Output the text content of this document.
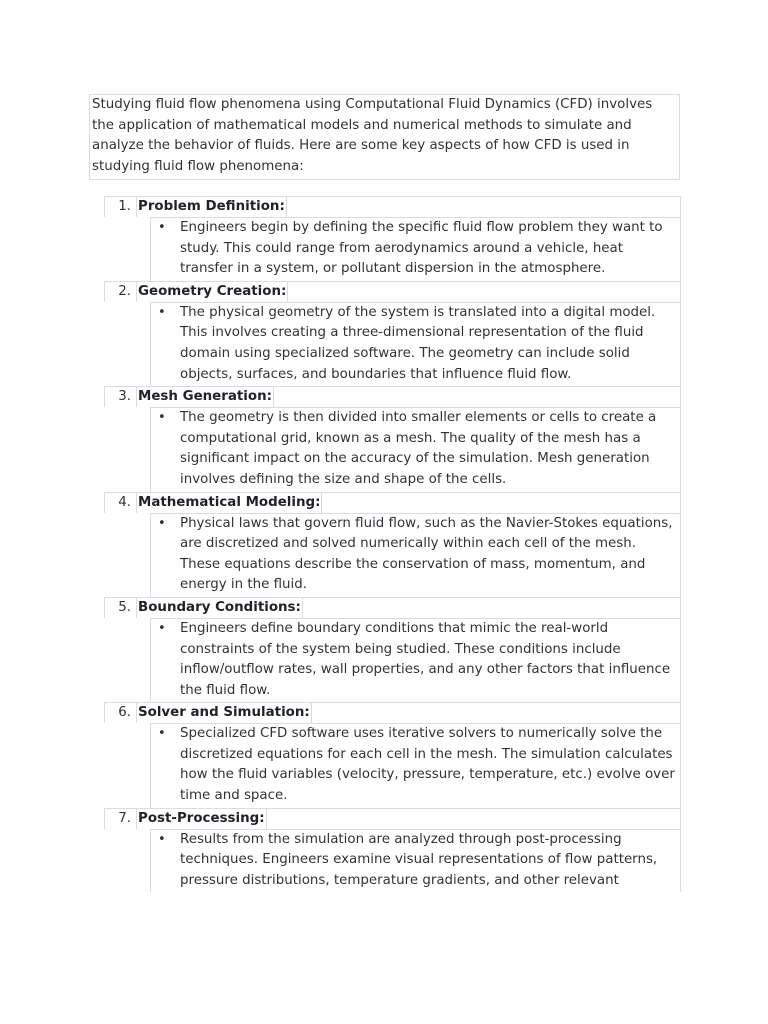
Studying fluid flow phenomena using Computational Fluid Dynamics (CFD) involves the application of mathematical models and numerical methods to simulate and analyze the behavior of fluids. Here are some key aspects of how CFD is used in studying fluid flow phenomena:
1. Problem Definition:
• Engineers begin by defining the specific fluid flow problem they want to study. This could range from aerodynamics around a vehicle, heat transfer in a system, or pollutant dispersion in the atmosphere.
2. Geometry Creation:
• The physical geometry of the system is translated into a digital model. This involves creating a three-dimensional representation of the fluid domain using specialized software. The geometry can include solid objects, surfaces, and boundaries that influence fluid flow.
3. Mesh Generation:
• The geometry is then divided into smaller elements or cells to create a computational grid, known as a mesh. The quality of the mesh has a significant impact on the accuracy of the simulation. Mesh generation involves defining the size and shape of the cells.
4. Mathematical Modeling:
• Physical laws that govern fluid flow, such as the Navier-Stokes equations, are discretized and solved numerically within each cell of the mesh. These equations describe the conservation of mass, momentum, and energy in the fluid.
5. Boundary Conditions:
• Engineers define boundary conditions that mimic the real-world constraints of the system being studied. These conditions include inflow/outflow rates, wall properties, and any other factors that influence the fluid flow.
6. Solver and Simulation:
• Specialized CFD software uses iterative solvers to numerically solve the discretized equations for each cell in the mesh. The simulation calculates how the fluid variables (velocity, pressure, temperature, etc.) evolve over time and space.
7. Post-Processing:
• Results from the simulation are analyzed through post-processing techniques. Engineers examine visual representations of flow patterns, pressure distributions, temperature gradients, and other relevant
